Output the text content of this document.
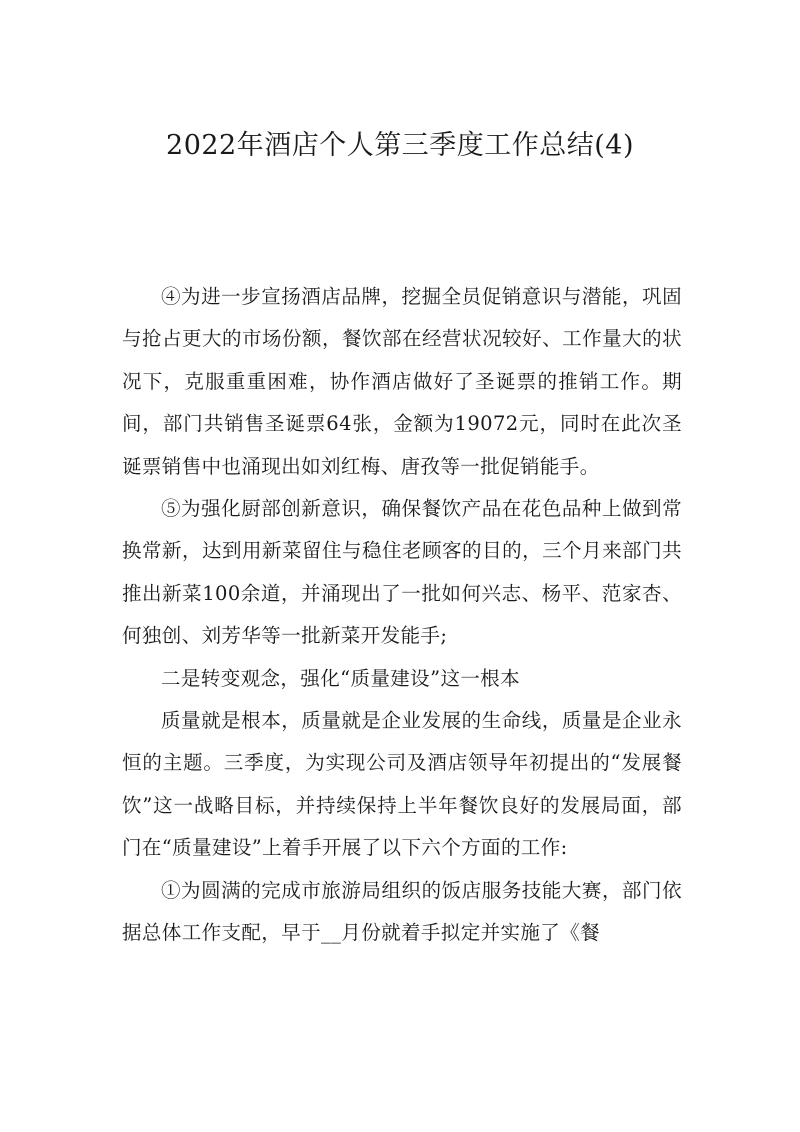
2022年酒店个人第三季度工作总结(4)

④为进一步宣扬酒店品牌，挖掘全员促销意识与潜能，巩固与抢占更大的市场份额，餐饮部在经营状况较好、工作量大的状况下，克服重重困难，协作酒店做好了圣诞票的推销工作。期间，部门共销售圣诞票64张，金额为19072元，同时在此次圣诞票销售中也涌现出如刘红梅、唐孜等一批促销能手。

⑤为强化厨部创新意识，确保餐饮产品在花色品种上做到常换常新，达到用新菜留住与稳住老顾客的目的，三个月来部门共推出新菜100余道，并涌现出了一批如何兴志、杨平、范家杏、何独创、刘芳华等一批新菜开发能手;

二是转变观念，强化“质量建设”这一根本

质量就是根本，质量就是企业发展的生命线，质量是企业永恒的主题。三季度，为实现公司及酒店领导年初提出的“发展餐饮”这一战略目标，并持续保持上半年餐饮良好的发展局面，部门在“质量建设”上着手开展了以下六个方面的工作:

①为圆满的完成市旅游局组织的饭店服务技能大赛，部门依据总体工作支配，早于__月份就着手拟定并实施了《餐
